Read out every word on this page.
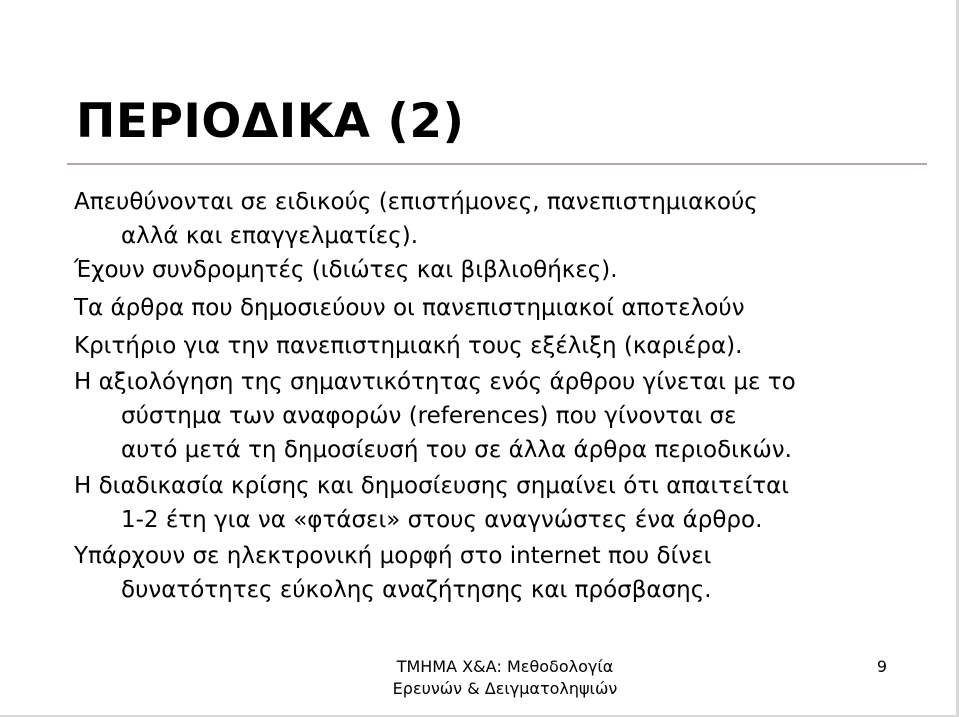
ΠΕΡΙΟΔΙΚΑ (2)
Απευθύνονται σε ειδικούς (επιστήμονες, πανεπιστημιακούς
αλλά και επαγγελματίες).
Έχουν συνδρομητές (ιδιώτες και βιβλιοθήκες).
Τα άρθρα που δημοσιεύουν οι πανεπιστημιακοί αποτελούν
Κριτήριο για την πανεπιστημιακή τους εξέλιξη (καριέρα).
Η αξιολόγηση της σημαντικότητας ενός άρθρου γίνεται με το
σύστημα των αναφορών (references) που γίνονται σε
αυτό μετά τη δημοσίευσή του σε άλλα άρθρα περιοδικών.
Η διαδικασία κρίσης και δημοσίευσης σημαίνει ότι απαιτείται
1-2 έτη για να «φτάσει» στους αναγνώστες ένα άρθρο.
Υπάρχουν σε ηλεκτρονική μορφή στο internet που δίνει
δυνατότητες εύκολης αναζήτησης και πρόσβασης.
ΤΜΗΜΑ Χ&Α: Μεθοδολογία
Ερευνών & Δειγματοληψιών
9
